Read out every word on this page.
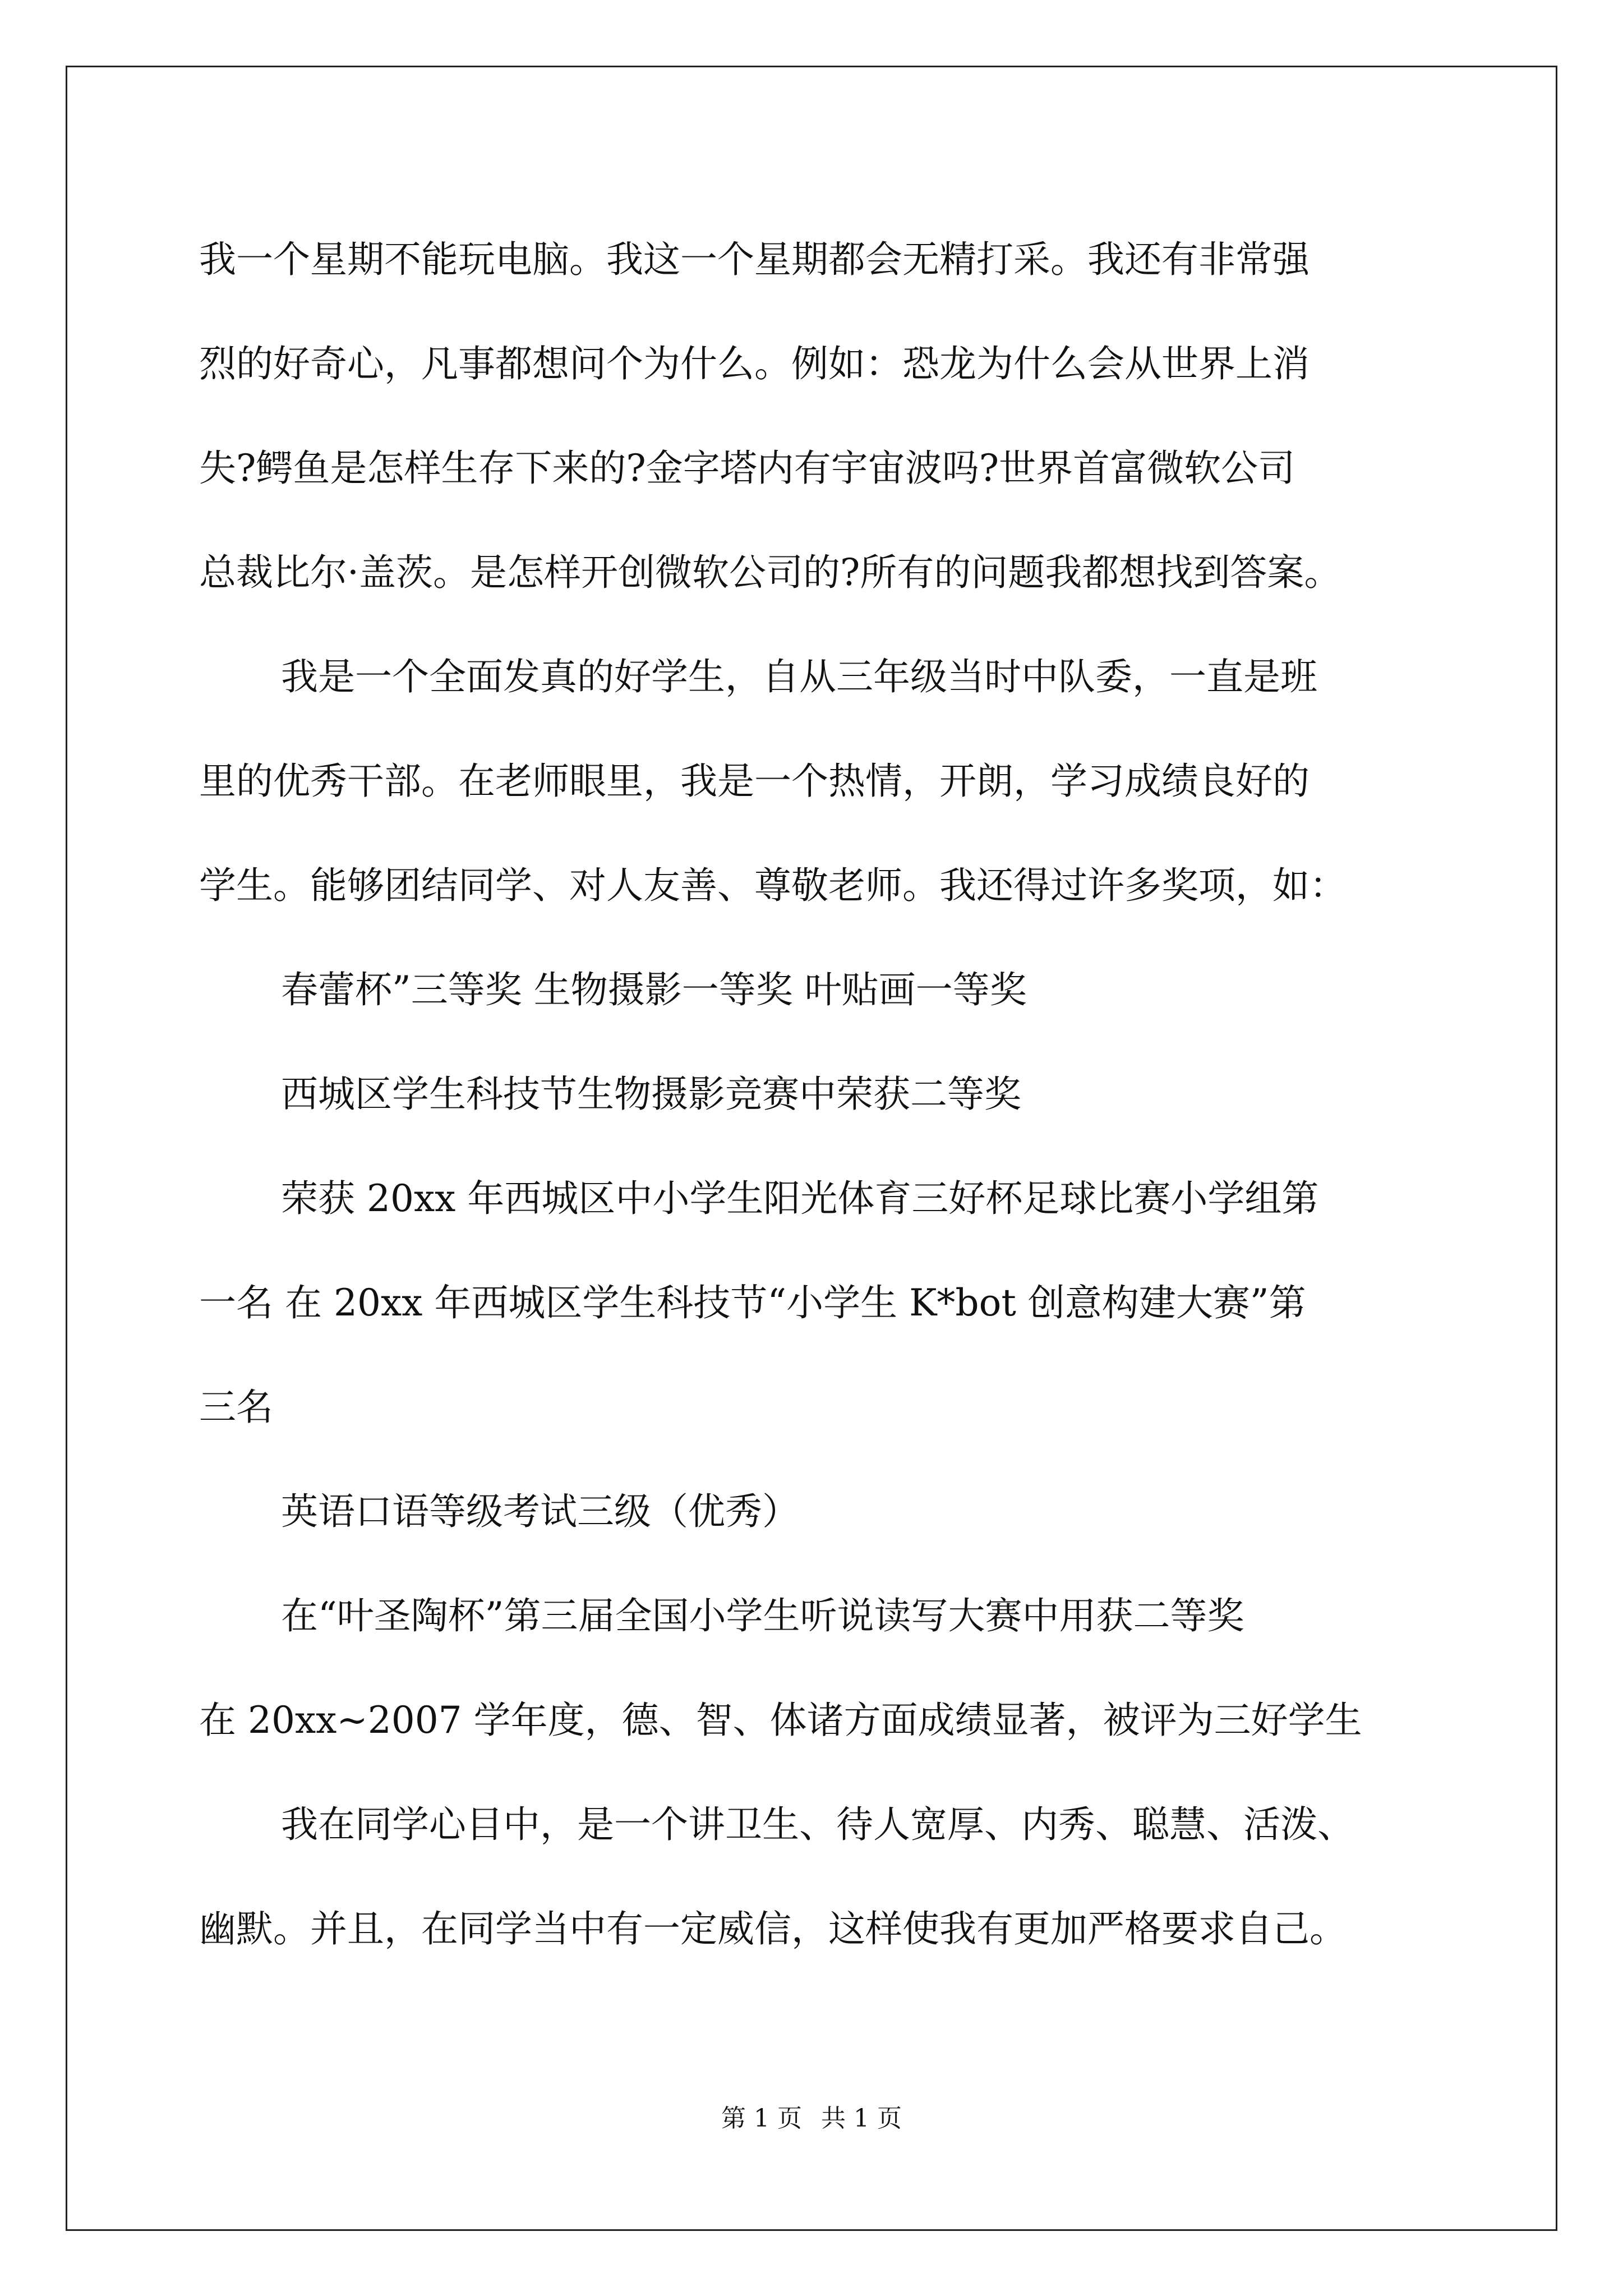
我一个星期不能玩电脑。我这一个星期都会无精打采。我还有非常强
烈的好奇心，凡事都想问个为什么。例如：恐龙为什么会从世界上消
失?鳄鱼是怎样生存下来的?金字塔内有宇宙波吗?世界首富微软公司
总裁比尔·盖茨。是怎样开创微软公司的?所有的问题我都想找到答案。
我是一个全面发真的好学生，自从三年级当时中队委，一直是班
里的优秀干部。在老师眼里，我是一个热情，开朗，学习成绩良好的
学生。能够团结同学、对人友善、尊敬老师。我还得过许多奖项，如：
春蕾杯”三等奖 生物摄影一等奖 叶贴画一等奖
西城区学生科技节生物摄影竞赛中荣获二等奖
荣获 20xx 年西城区中小学生阳光体育三好杯足球比赛小学组第
一名 在 20xx 年西城区学生科技节“小学生 K*bot 创意构建大赛”第
三名
英语口语等级考试三级（优秀）
在“叶圣陶杯”第三届全国小学生听说读写大赛中用获二等奖
在 20xx~2007 学年度，德、智、体诸方面成绩显著，被评为三好学生
我在同学心目中，是一个讲卫生、待人宽厚、内秀、聪慧、活泼、
幽默。并且，在同学当中有一定威信，这样使我有更加严格要求自己。
第 1 页 共 1 页
